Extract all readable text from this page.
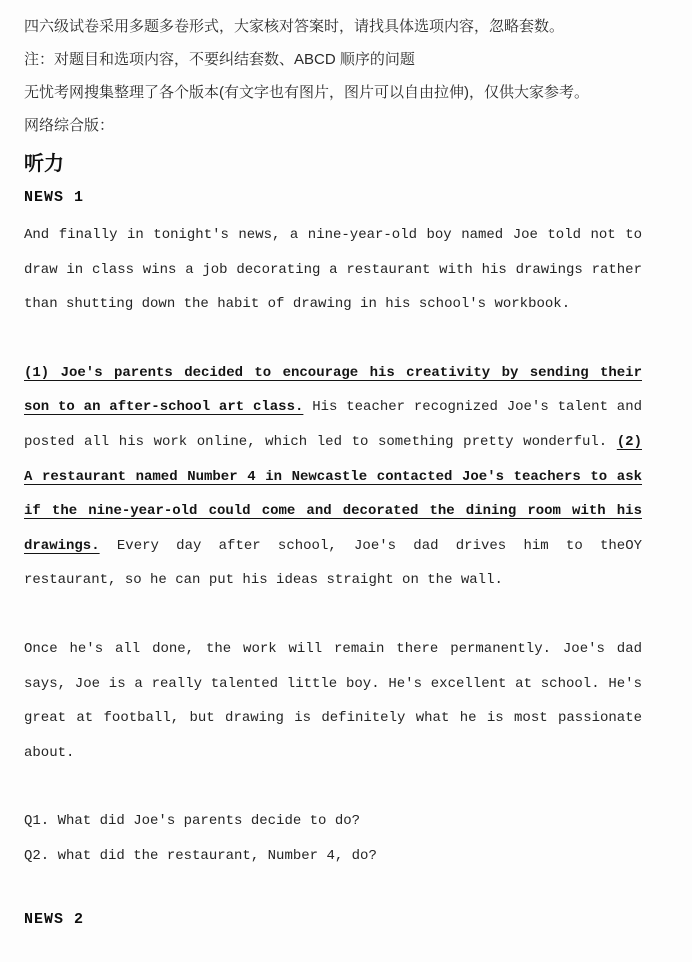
四六级试卷采用多题多卷形式，大家核对答案时，请找具体选项内容，忽略套数。

注：对题目和选项内容，不要纠结套数、ABCD 顺序的问题

无忧考网搜集整理了各个版本(有文字也有图片，图片可以自由拉伸)，仅供大家参考。

网络综合版：

听力
NEWS 1

And finally in tonight's news, a nine-year-old boy named Joe told not to draw in class wins a job decorating a restaurant with his drawings rather than shutting down the habit of drawing in his school's workbook.

(1) Joe's parents decided to encourage his creativity by sending their son to an after-school art class. His teacher recognized Joe's talent and posted all his work online, which led to something pretty wonderful. (2) A restaurant named Number 4 in Newcastle contacted Joe's teachers to ask if the nine-year-old could come and decorated the dining room with his drawings. Every day after school, Joe's dad drives him to theOY restaurant, so he can put his ideas straight on the wall.

Once he's all done, the work will remain there permanently. Joe's dad says, Joe is a really talented little boy. He's excellent at school. He's great at football, but drawing is definitely what he is most passionate about.

Q1. What did Joe's parents decide to do?

Q2. what did the restaurant, Number 4, do?

NEWS 2
